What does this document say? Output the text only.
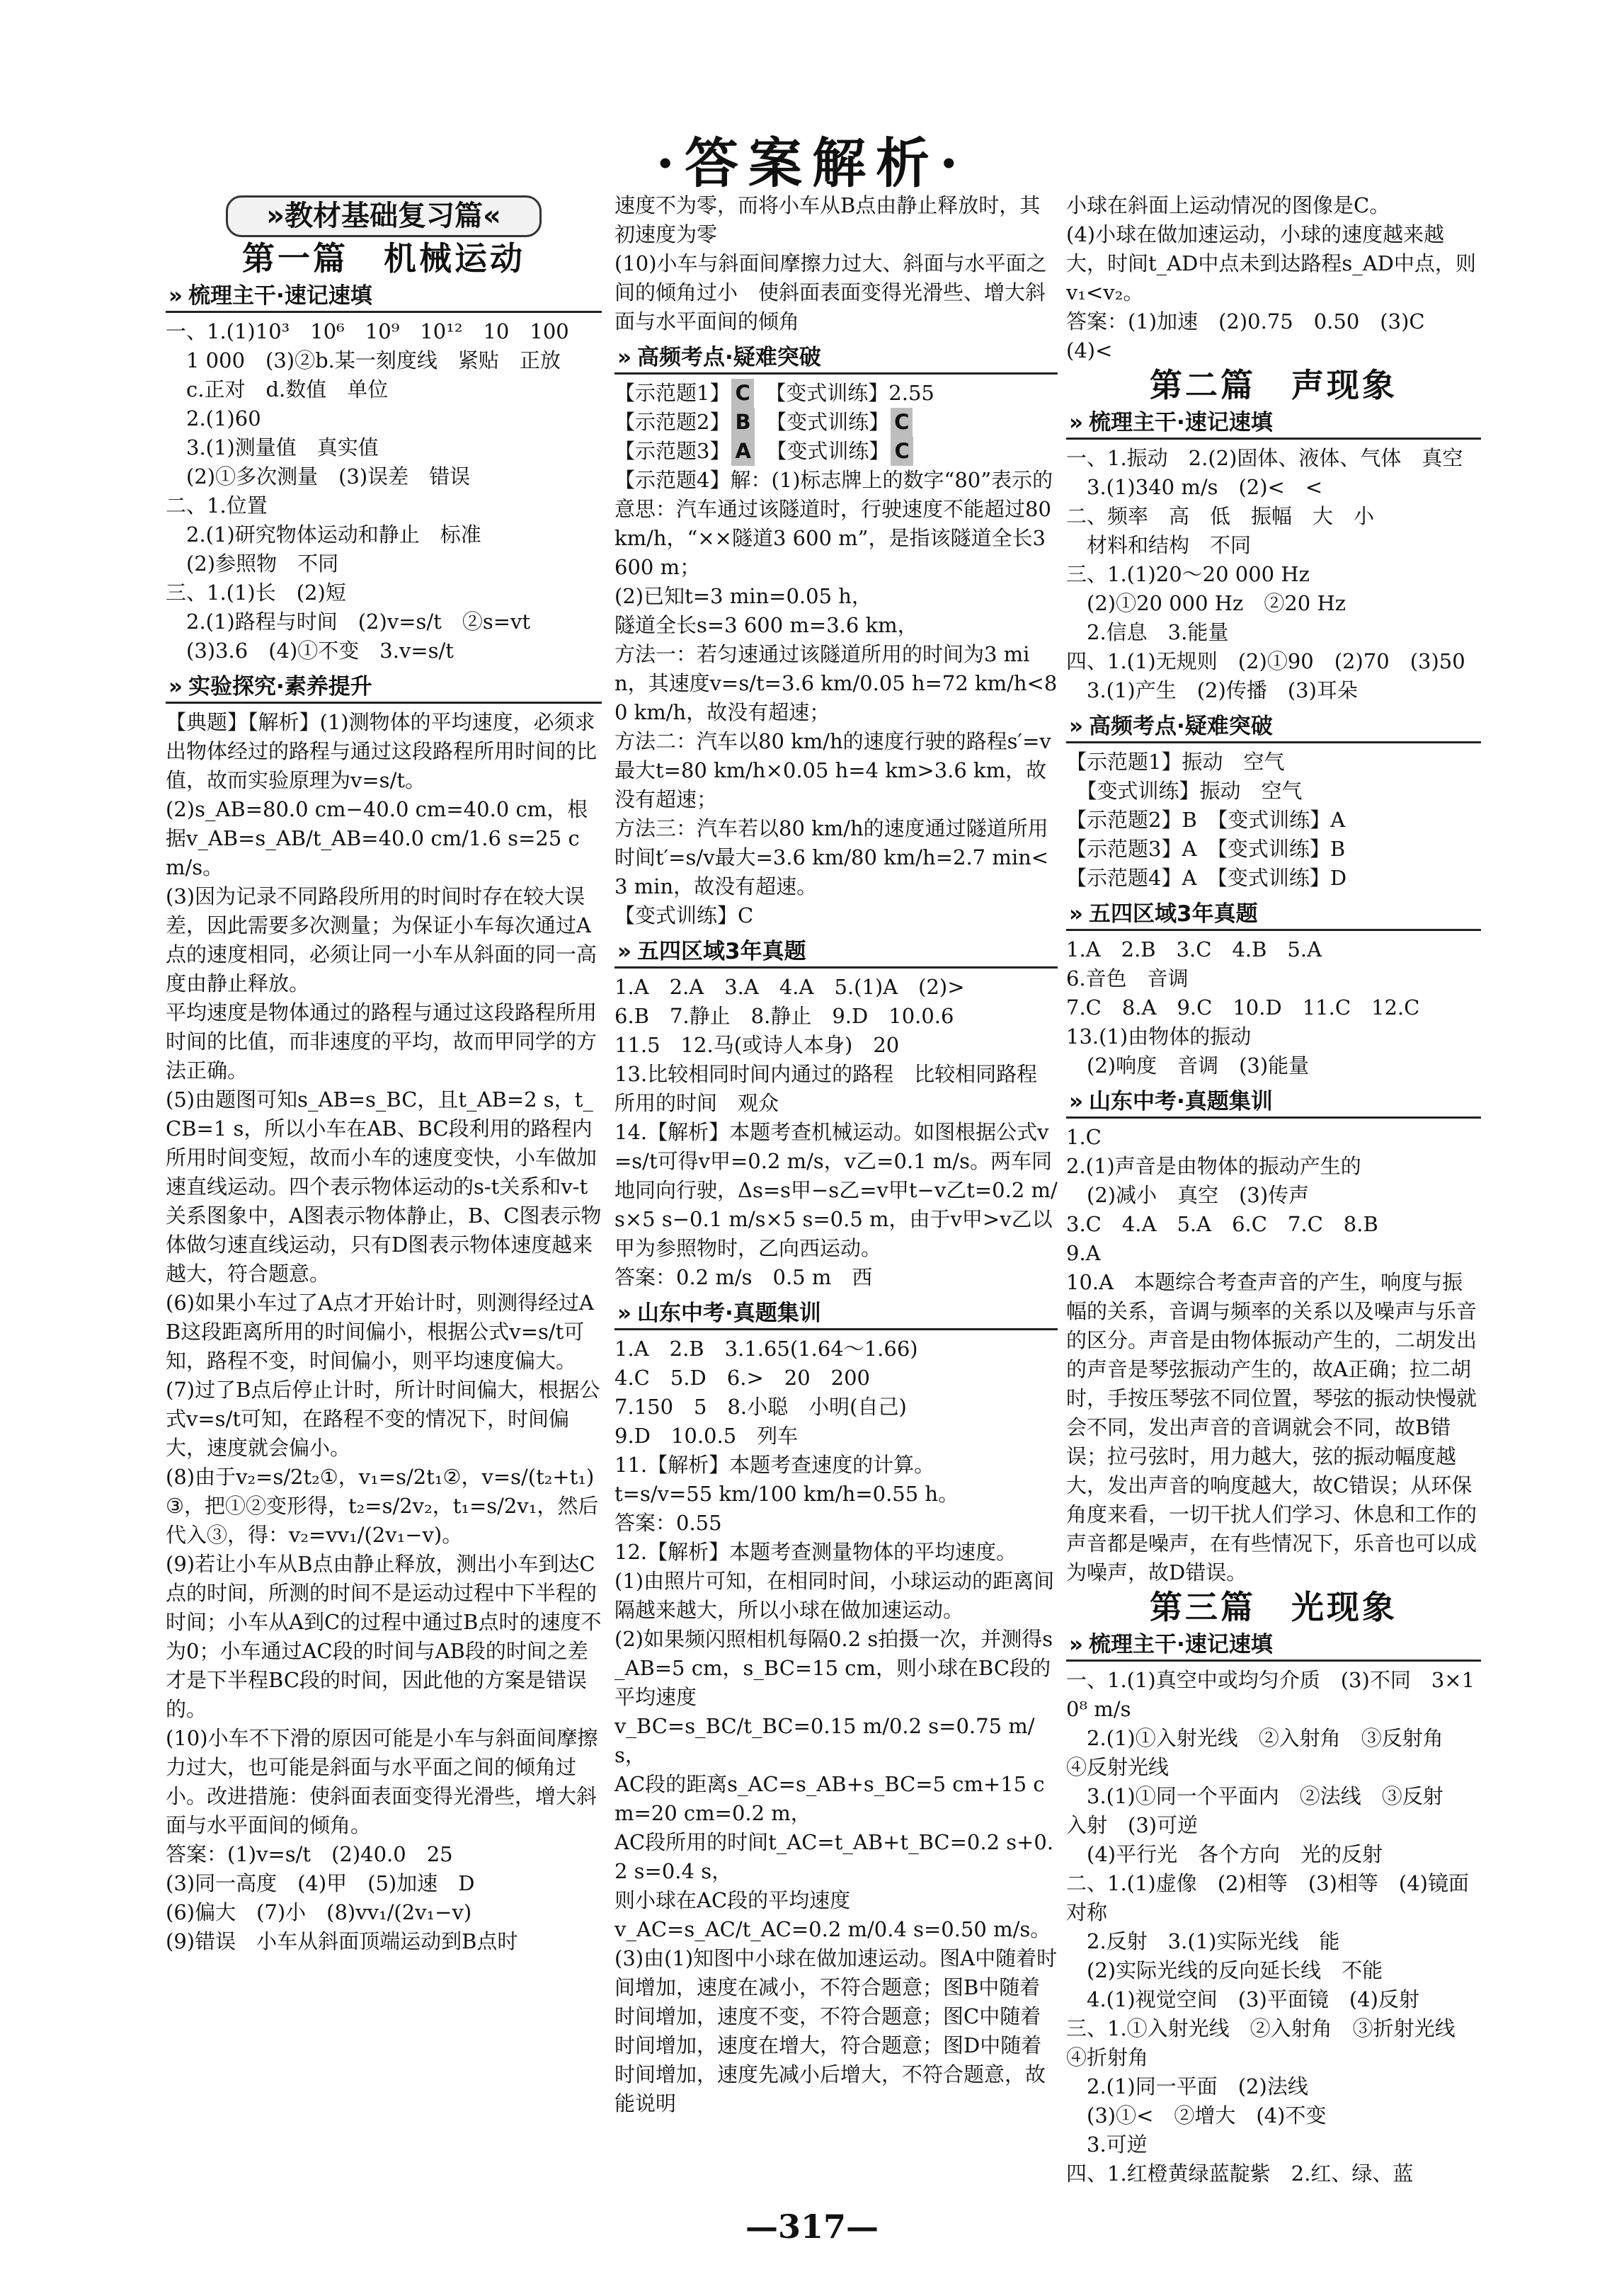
·答案解析·
»教材基础复习篇«
第一篇　机械运动
» 梳理主干·速记速填

一、1.(1)10³　10⁶　10⁹　10¹²　10　100

　1 000　(3)②b.某一刻度线　紧贴　正放

　c.正对　d.数值　单位

　2.(1)60

　3.(1)测量值　真实值

　(2)①多次测量　(3)误差　错误

二、1.位置

　2.(1)研究物体运动和静止　标准

　(2)参照物　不同

三、1.(1)长　(2)短

　2.(1)路程与时间　(2)v=s/t　②s=vt

　(3)3.6　(4)①不变　3.v=s/t

» 实验探究·素养提升

【典题】【解析】(1)测物体的平均速度，必须求出物体经过的路程与通过这段路程所用时间的比值，故而实验原理为v=s/t。

(2)s_AB=80.0 cm−40.0 cm=40.0 cm，根据v_AB=s_AB/t_AB=40.0 cm/1.6 s=25 cm/s。

(3)因为记录不同路段所用的时间时存在较大误差，因此需要多次测量；为保证小车每次通过A点的速度相同，必须让同一小车从斜面的同一高度由静止释放。

平均速度是物体通过的路程与通过这段路程所用时间的比值，而非速度的平均，故而甲同学的方法正确。

(5)由题图可知s_AB=s_BC，且t_AB=2 s，t_CB=1 s，所以小车在AB、BC段利用的路程内所用时间变短，故而小车的速度变快，小车做加速直线运动。四个表示物体运动的s-t关系和v-t关系图象中，A图表示物体静止，B、C图表示物体做匀速直线运动，只有D图表示物体速度越来越大，符合题意。

(6)如果小车过了A点才开始计时，则测得经过AB这段距离所用的时间偏小，根据公式v=s/t可知，路程不变，时间偏小，则平均速度偏大。

(7)过了B点后停止计时，所计时间偏大，根据公式v=s/t可知，在路程不变的情况下，时间偏大，速度就会偏小。

(8)由于v₂=s/2t₂①，v₁=s/2t₁②，v=s/(t₂+t₁)③，把①②变形得，t₂=s/2v₂，t₁=s/2v₁，然后代入③，得：v₂=vv₁/(2v₁−v)。

(9)若让小车从B点由静止释放，测出小车到达C点的时间，所测的时间不是运动过程中下半程的时间；小车从A到C的过程中通过B点时的速度不为0；小车通过AC段的时间与AB段的时间之差才是下半程BC段的时间，因此他的方案是错误的。

(10)小车不下滑的原因可能是小车与斜面间摩擦力过大，也可能是斜面与水平面之间的倾角过小。改进措施：使斜面表面变得光滑些，增大斜面与水平面间的倾角。

答案：(1)v=s/t　(2)40.0　25

(3)同一高度　(4)甲　(5)加速　D

(6)偏大　(7)小　(8)vv₁/(2v₁−v)

(9)错误　小车从斜面顶端运动到B点时

速度不为零，而将小车从B点由静止释放时，其初速度为零

(10)小车与斜面间摩擦力过大、斜面与水平面之间的倾角过小　使斜面表面变得光滑些、增大斜面与水平面间的倾角

» 高频考点·疑难突破

【示范题1】 C　 【变式训练】2.55

【示范题2】 B　 【变式训练】 C

【示范题3】 A　 【变式训练】 C

【示范题4】解：(1)标志牌上的数字“80”表示的意思：汽车通过该隧道时，行驶速度不能超过80 km/h，“××隧道3 600 m”，是指该隧道全长3 600 m；

(2)已知t=3 min=0.05 h，

隧道全长s=3 600 m=3.6 km，

方法一：若匀速通过该隧道所用的时间为3 min，其速度v=s/t=3.6 km/0.05 h=72 km/h<80 km/h，故没有超速；

方法二：汽车以80 km/h的速度行驶的路程s′=v最大t=80 km/h×0.05 h=4 km>3.6 km，故没有超速；

方法三：汽车若以80 km/h的速度通过隧道所用时间t′=s/v最大=3.6 km/80 km/h=2.7 min<3 min，故没有超速。

【变式训练】C

» 五四区域3年真题

1.A　2.A　3.A　4.A　5.(1)A　(2)>

6.B　7.静止　8.静止　9.D　10.0.6

11.5　12.马(或诗人本身)　20

13.比较相同时间内通过的路程　比较相同路程所用的时间　观众

14.【解析】本题考查机械运动。如图根据公式v=s/t可得v甲=0.2 m/s，v乙=0.1 m/s。两车同地同向行驶，Δs=s甲−s乙=v甲t−v乙t=0.2 m/s×5 s−0.1 m/s×5 s=0.5 m，由于v甲>v乙以甲为参照物时，乙向西运动。

答案：0.2 m/s　0.5 m　西

» 山东中考·真题集训

1.A　2.B　3.1.65(1.64～1.66)

4.C　5.D　6.>　20　200

7.150　5　8.小聪　小明(自己)

9.D　10.0.5　列车

11.【解析】本题考查速度的计算。

t=s/v=55 km/100 km/h=0.55 h。

答案：0.55

12.【解析】本题考查测量物体的平均速度。

(1)由照片可知，在相同时间，小球运动的距离间隔越来越大，所以小球在做加速运动。

(2)如果频闪照相机每隔0.2 s拍摄一次，并测得s_AB=5 cm，s_BC=15 cm，则小球在BC段的平均速度

v_BC=s_BC/t_BC=0.15 m/0.2 s=0.75 m/s，

AC段的距离s_AC=s_AB+s_BC=5 cm+15 cm=20 cm=0.2 m，

AC段所用的时间t_AC=t_AB+t_BC=0.2 s+0.2 s=0.4 s，

则小球在AC段的平均速度

v_AC=s_AC/t_AC=0.2 m/0.4 s=0.50 m/s。

(3)由(1)知图中小球在做加速运动。图A中随着时间增加，速度在减小，不符合题意；图B中随着时间增加，速度不变，不符合题意；图C中随着时间增加，速度在增大，符合题意；图D中随着时间增加，速度先减小后增大，不符合题意，故能说明

小球在斜面上运动情况的图像是C。

(4)小球在做加速运动，小球的速度越来越大，时间t_AD中点未到达路程s_AD中点，则v₁<v₂。

答案：(1)加速　(2)0.75　0.50　(3)C

(4)<

第二篇　声现象
» 梳理主干·速记速填

一、1.振动　2.(2)固体、液体、气体　真空

　3.(1)340 m/s　(2)<　<

二、频率　高　低　振幅　大　小

　材料和结构　不同

三、1.(1)20～20 000 Hz

　(2)①20 000 Hz　②20 Hz

　2.信息　3.能量

四、1.(1)无规则　(2)①90　(2)70　(3)50

　3.(1)产生　(2)传播　(3)耳朵

» 高频考点·疑难突破

【示范题1】振动　空气

　【变式训练】振动　空气

【示范题2】B　【变式训练】A

【示范题3】A　【变式训练】B

【示范题4】A　【变式训练】D

» 五四区域3年真题

1.A　2.B　3.C　4.B　5.A

6.音色　音调

7.C　8.A　9.C　10.D　11.C　12.C

13.(1)由物体的振动

　(2)响度　音调　(3)能量

» 山东中考·真题集训

1.C

2.(1)声音是由物体的振动产生的

　(2)减小　真空　(3)传声

3.C　4.A　5.A　6.C　7.C　8.B

9.A

10.A　本题综合考查声音的产生，响度与振幅的关系，音调与频率的关系以及噪声与乐音的区分。声音是由物体振动产生的，二胡发出的声音是琴弦振动产生的，故A正确；拉二胡时，手按压琴弦不同位置，琴弦的振动快慢就会不同，发出声音的音调就会不同，故B错误；拉弓弦时，用力越大，弦的振动幅度越大，发出声音的响度越大，故C错误；从环保角度来看，一切干扰人们学习、休息和工作的声音都是噪声，在有些情况下，乐音也可以成为噪声，故D错误。

第三篇　光现象
» 梳理主干·速记速填

一、1.(1)真空中或均匀介质　(3)不同　3×10⁸ m/s

　2.(1)①入射光线　②入射角　③反射角　④反射光线

　3.(1)①同一个平面内　②法线　③反射　入射　(3)可逆

　(4)平行光　各个方向　光的反射

二、1.(1)虚像　(2)相等　(3)相等　(4)镜面　对称

　2.反射　3.(1)实际光线　能

　(2)实际光线的反向延长线　不能

　4.(1)视觉空间　(3)平面镜　(4)反射

三、1.①入射光线　②入射角　③折射光线　④折射角

　2.(1)同一平面　(2)法线

　(3)①<　②增大　(4)不变

　3.可逆

四、1.红橙黄绿蓝靛紫　2.红、绿、蓝

—317—
